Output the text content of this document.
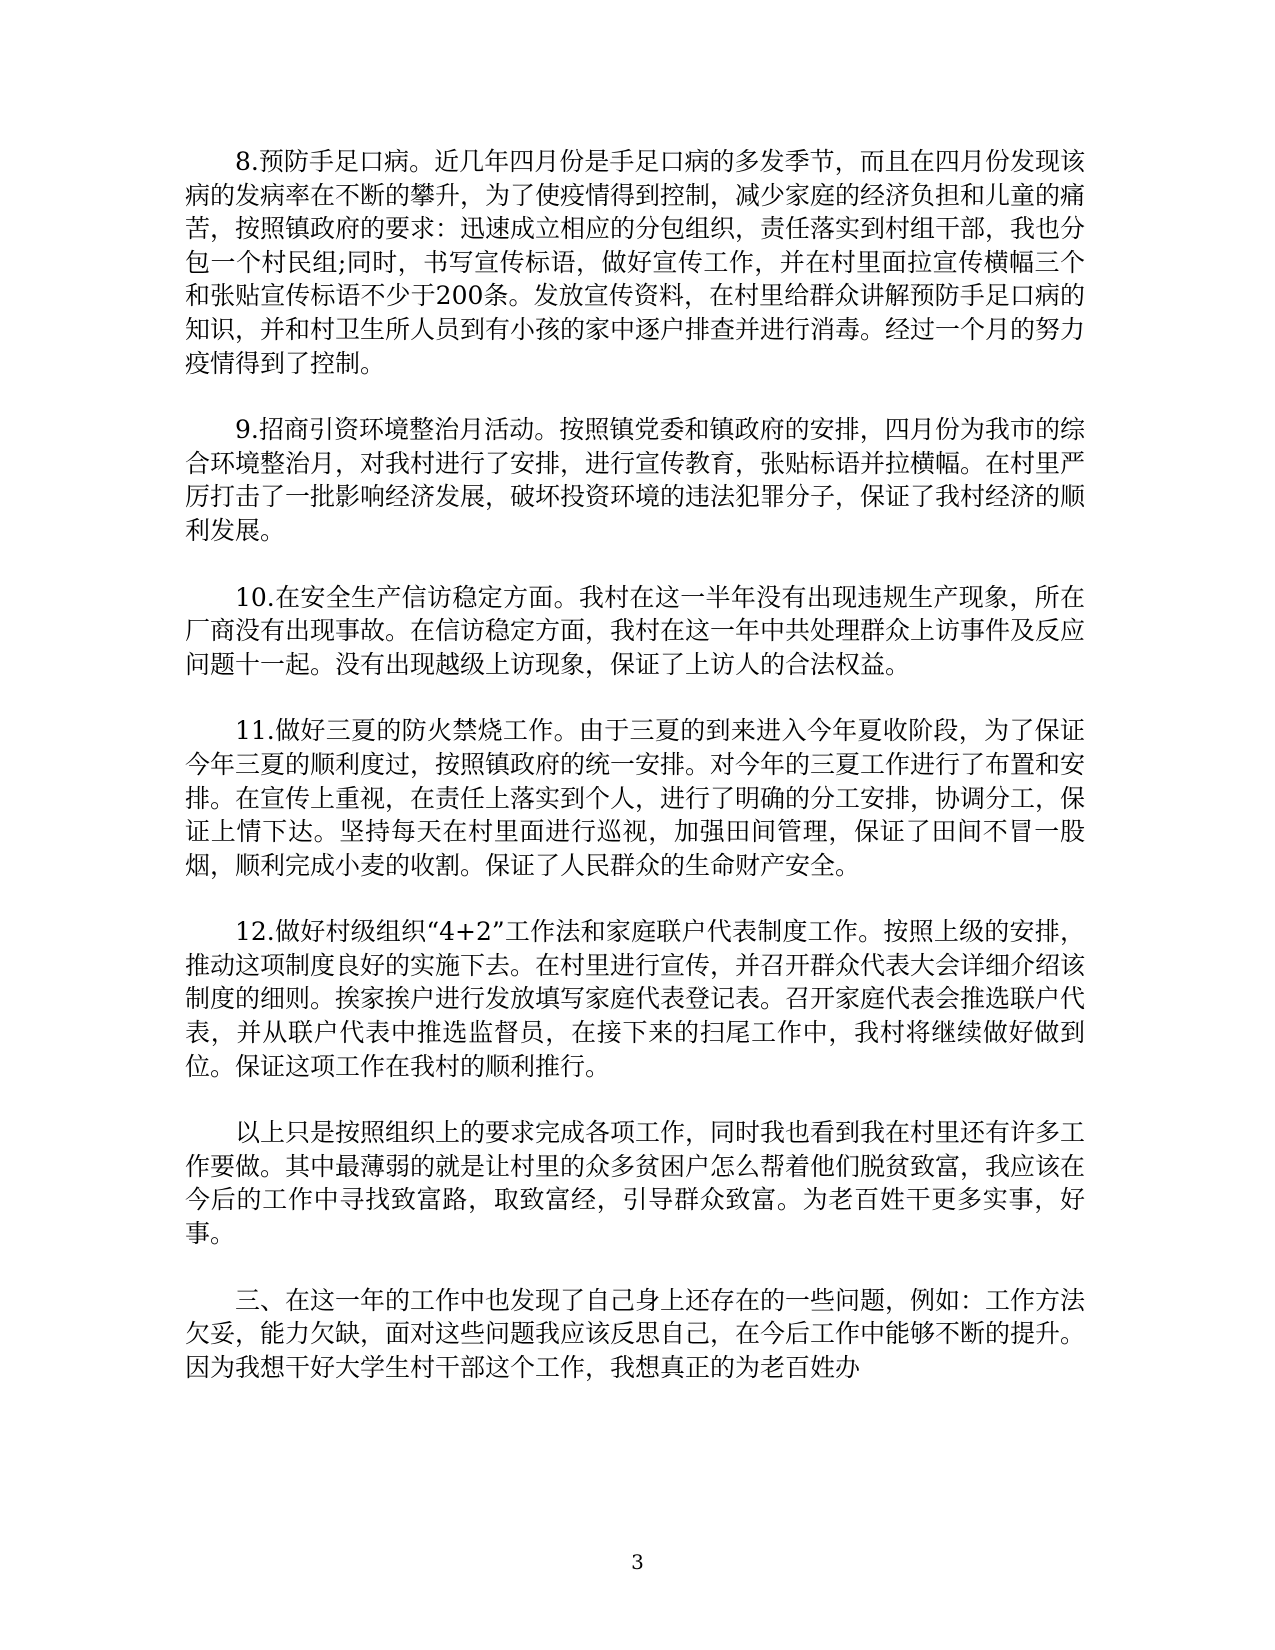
8.预防手足口病。近几年四月份是手足口病的多发季节，而且在四月份发现该病的发病率在不断的攀升，为了使疫情得到控制，减少家庭的经济负担和儿童的痛苦，按照镇政府的要求：迅速成立相应的分包组织，责任落实到村组干部，我也分包一个村民组;同时，书写宣传标语，做好宣传工作，并在村里面拉宣传横幅三个和张贴宣传标语不少于200条。发放宣传资料，在村里给群众讲解预防手足口病的知识，并和村卫生所人员到有小孩的家中逐户排查并进行消毒。经过一个月的努力疫情得到了控制。

9.招商引资环境整治月活动。按照镇党委和镇政府的安排，四月份为我市的综合环境整治月，对我村进行了安排，进行宣传教育，张贴标语并拉横幅。在村里严厉打击了一批影响经济发展，破坏投资环境的违法犯罪分子，保证了我村经济的顺利发展。

10.在安全生产信访稳定方面。我村在这一半年没有出现违规生产现象，所在厂商没有出现事故。在信访稳定方面，我村在这一年中共处理群众上访事件及反应问题十一起。没有出现越级上访现象，保证了上访人的合法权益。

11.做好三夏的防火禁烧工作。由于三夏的到来进入今年夏收阶段，为了保证今年三夏的顺利度过，按照镇政府的统一安排。对今年的三夏工作进行了布置和安排。在宣传上重视，在责任上落实到个人，进行了明确的分工安排，协调分工，保证上情下达。坚持每天在村里面进行巡视，加强田间管理，保证了田间不冒一股烟，顺利完成小麦的收割。保证了人民群众的生命财产安全。

12.做好村级组织“4+2”工作法和家庭联户代表制度工作。按照上级的安排，推动这项制度良好的实施下去。在村里进行宣传，并召开群众代表大会详细介绍该制度的细则。挨家挨户进行发放填写家庭代表登记表。召开家庭代表会推选联户代表，并从联户代表中推选监督员，在接下来的扫尾工作中，我村将继续做好做到位。保证这项工作在我村的顺利推行。

以上只是按照组织上的要求完成各项工作，同时我也看到我在村里还有许多工作要做。其中最薄弱的就是让村里的众多贫困户怎么帮着他们脱贫致富，我应该在今后的工作中寻找致富路，取致富经，引导群众致富。为老百姓干更多实事，好事。

三、在这一年的工作中也发现了自己身上还存在的一些问题，例如：工作方法欠妥，能力欠缺，面对这些问题我应该反思自己，在今后工作中能够不断的提升。因为我想干好大学生村干部这个工作，我想真正的为老百姓办

3
